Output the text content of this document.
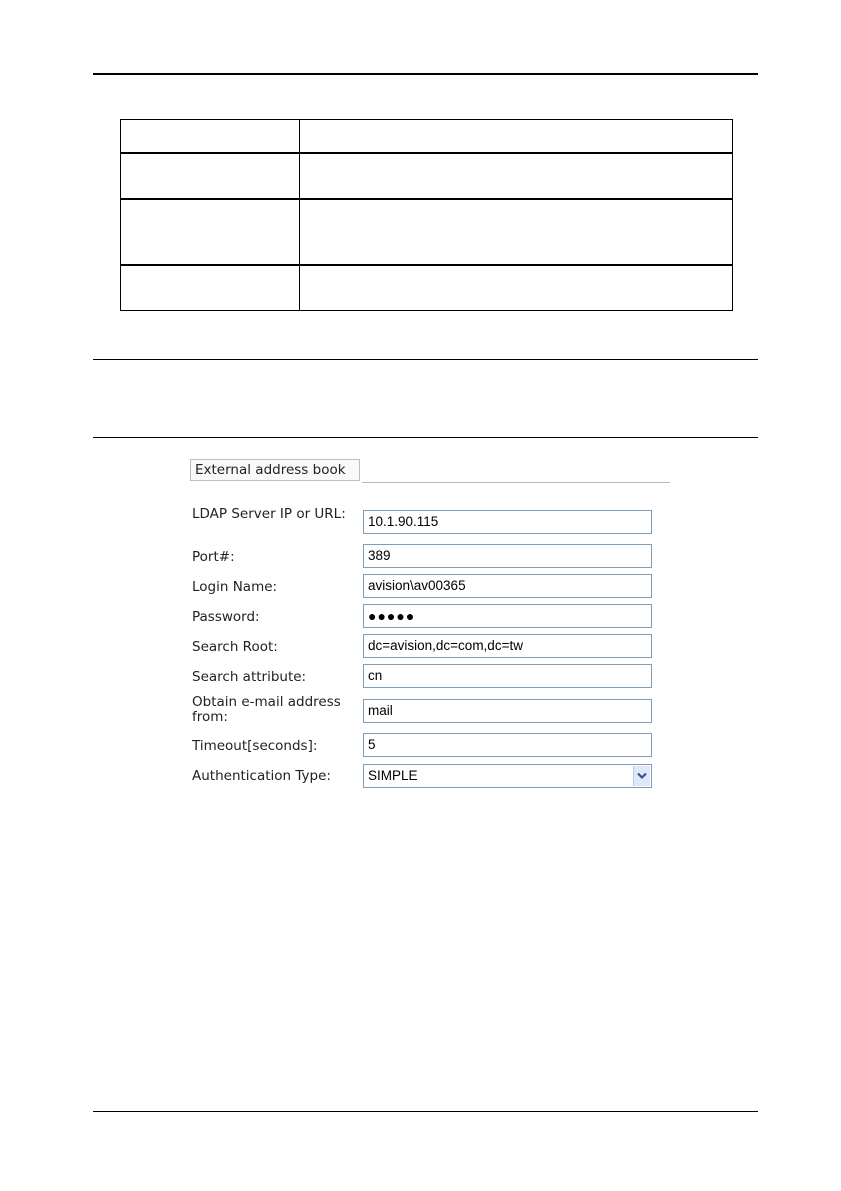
External address book
LDAP Server IP or URL:	10.1.90.115
Port#:	389
Login Name:	avision\av00365
Password:	●●●●●
Search Root:	dc=avision,dc=com,dc=tw
Search attribute:	cn
Obtain e-mail address from:	mail
Timeout[seconds]:	5
Authentication Type:	SIMPLE
